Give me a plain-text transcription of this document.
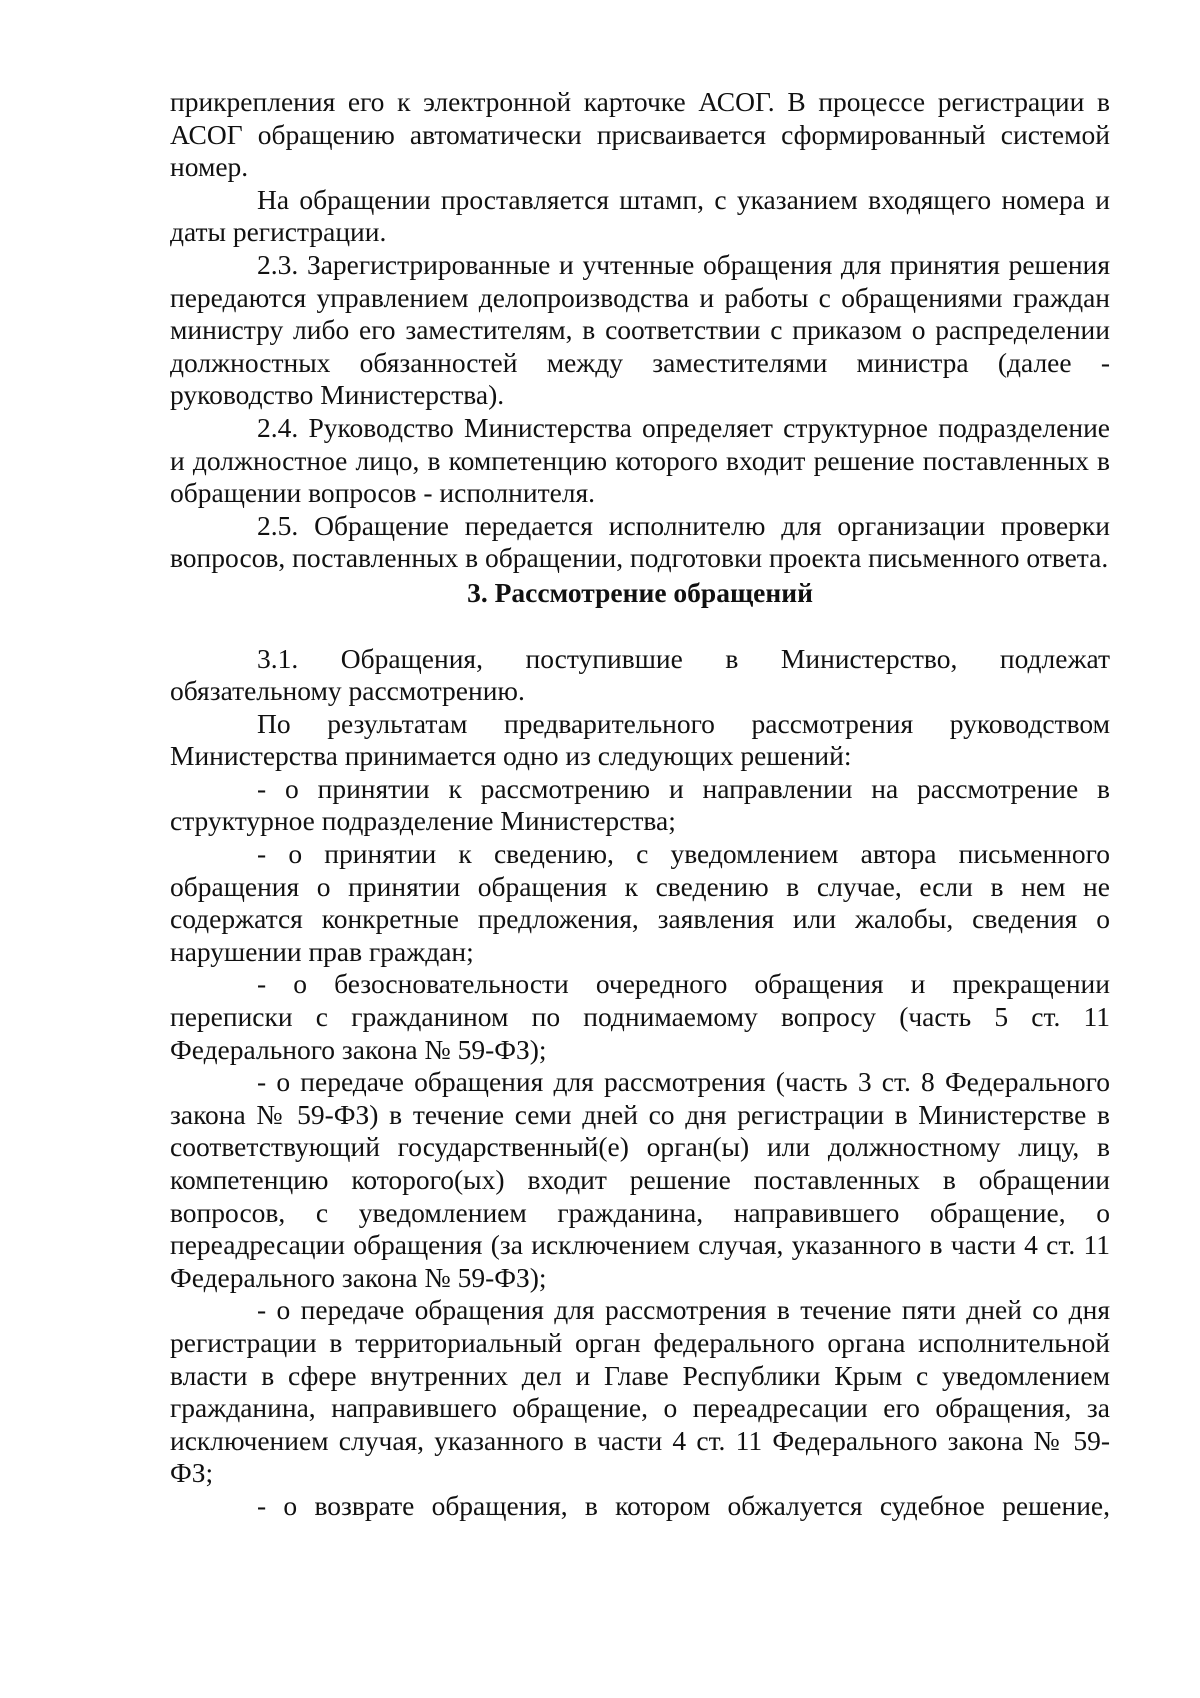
прикрепления его к электронной карточке АСОГ. В процессе регистрации в АСОГ обращению автоматически присваивается сформированный системой номер.

На обращении проставляется штамп, с указанием входящего номера и даты регистрации.

2.3. Зарегистрированные и учтенные обращения для принятия решения передаются управлением делопроизводства и работы с обращениями граждан министру либо его заместителям, в соответствии с приказом о распределении должностных обязанностей между заместителями министра (далее - руководство Министерства).

2.4. Руководство Министерства определяет структурное подразделение и должностное лицо, в компетенцию которого входит решение поставленных в обращении вопросов - исполнителя.

2.5. Обращение передается исполнителю для организации проверки вопросов, поставленных в обращении, подготовки проекта письменного ответа.

3. Рассмотрение обращений

3.1. Обращения, поступившие в Министерство, подлежат обязательному рассмотрению.

По результатам предварительного рассмотрения руководством Министерства принимается одно из следующих решений:

- о принятии к рассмотрению и направлении на рассмотрение в структурное подразделение Министерства;

- о принятии к сведению, с уведомлением автора письменного обращения о принятии обращения к сведению в случае, если в нем не содержатся конкретные предложения, заявления или жалобы, сведения о нарушении прав граждан;

- о безосновательности очередного обращения и прекращении переписки с гражданином по поднимаемому вопросу (часть 5 ст. 11 Федерального закона № 59-ФЗ);

- о передаче обращения для рассмотрения (часть 3 ст. 8 Федерального закона № 59-ФЗ) в течение семи дней со дня регистрации в Министерстве в соответствующий государственный(е) орган(ы) или должностному лицу, в компетенцию которого(ых) входит решение поставленных в обращении вопросов, с уведомлением гражданина, направившего обращение, о переадресации обращения (за исключением случая, указанного в части 4 ст. 11 Федерального закона № 59-ФЗ);

- о передаче обращения для рассмотрения в течение пяти дней со дня регистрации в территориальный орган федерального органа исполнительной власти в сфере внутренних дел и Главе Республики Крым с уведомлением гражданина, направившего обращение, о переадресации его обращения, за исключением случая, указанного в части 4 ст. 11 Федерального закона № 59-ФЗ;

- о возврате обращения, в котором обжалуется судебное решение,
